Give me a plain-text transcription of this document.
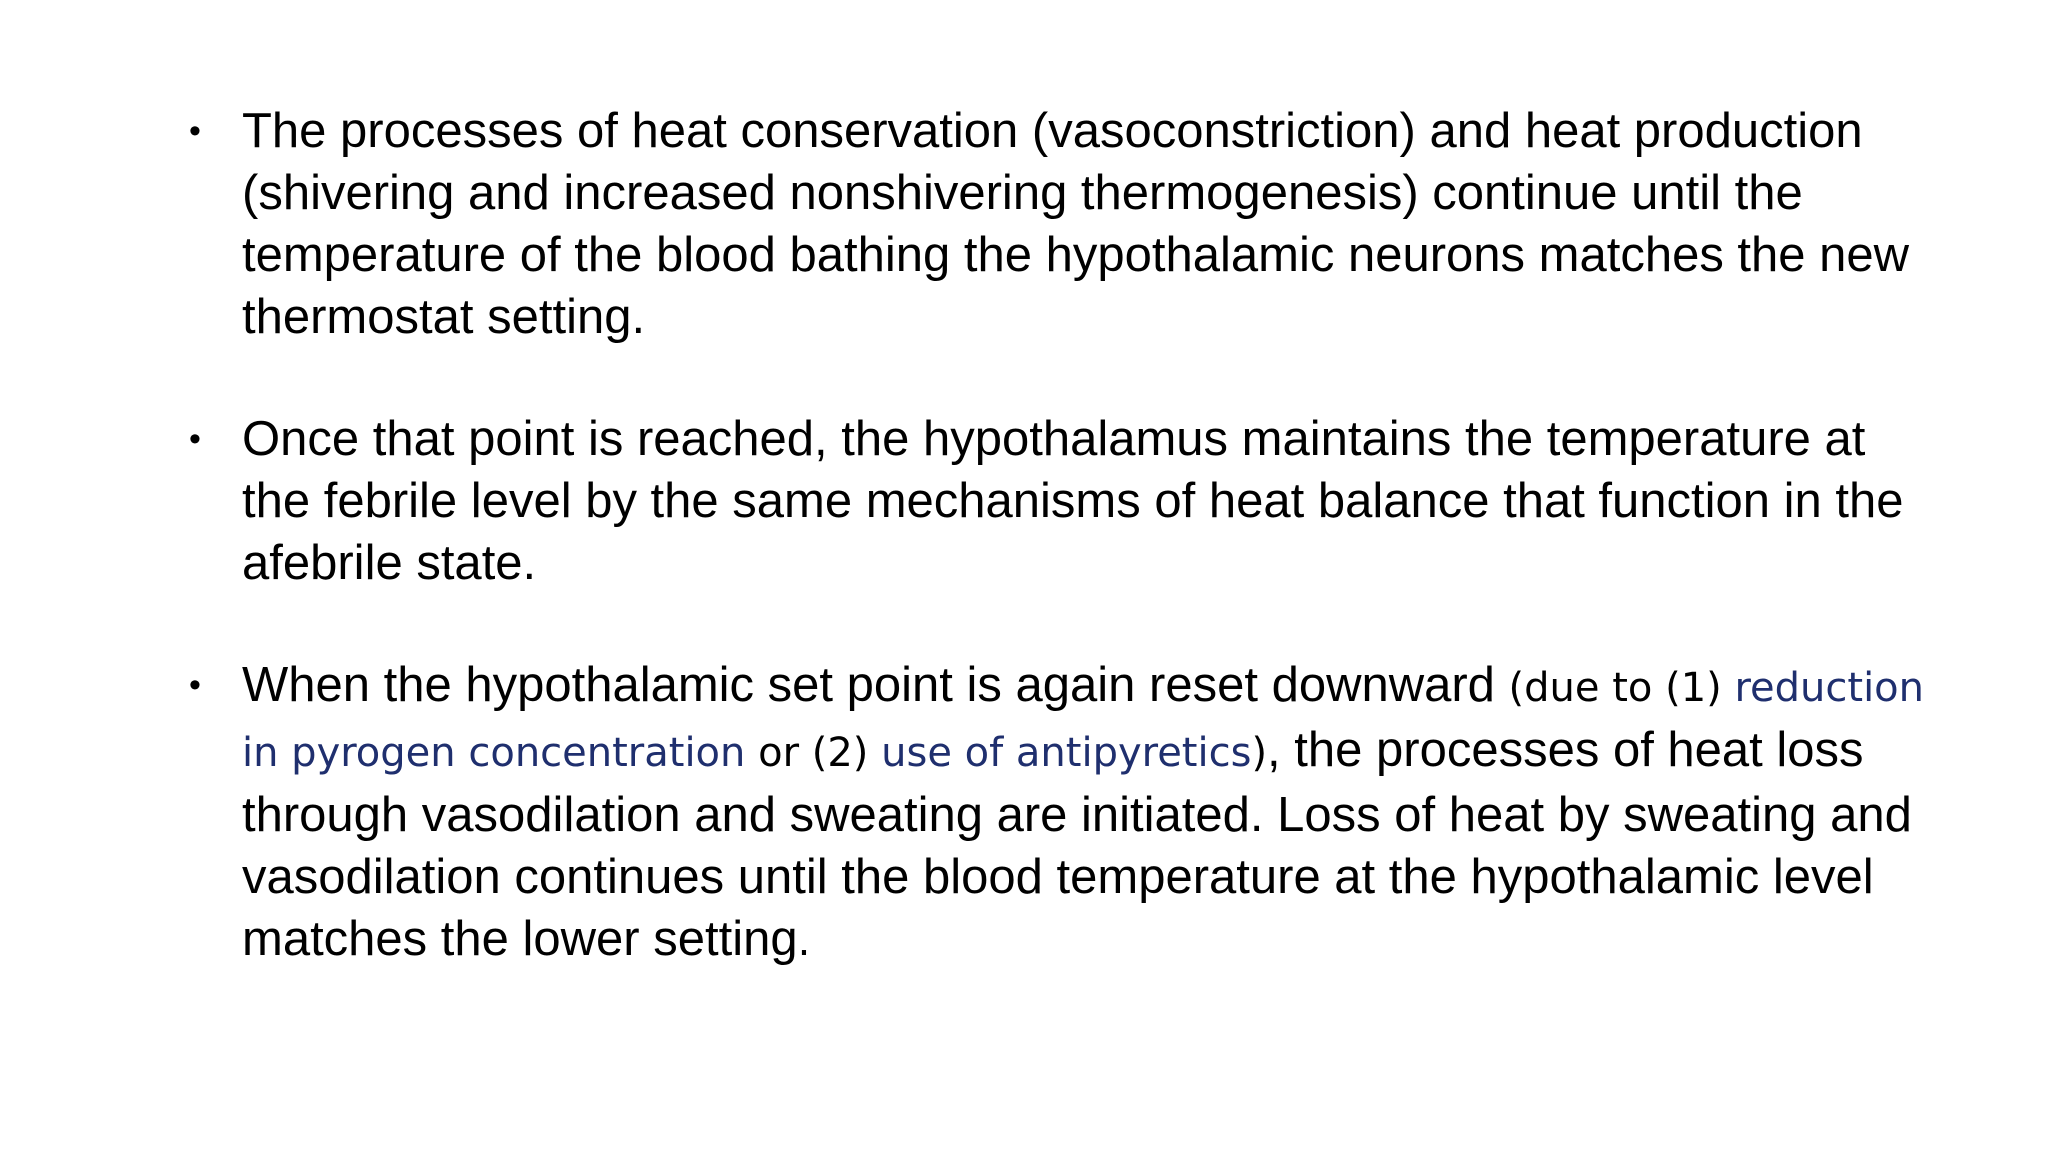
• The processes of heat conservation (vasoconstriction) and heat production (shivering and increased nonshivering thermogenesis) continue until the temperature of the blood bathing the hypothalamic neurons matches the new thermostat setting.
• Once that point is reached, the hypothalamus maintains the temperature at the febrile level by the same mechanisms of heat balance that function in the afebrile state.
• When the hypothalamic set point is again reset downward (due to (1) reduction in pyrogen concentration or (2) use of antipyretics), the processes of heat loss through vasodilation and sweating are initiated. Loss of heat by sweating and vasodilation continues until the blood temperature at the hypothalamic level matches the lower setting.
